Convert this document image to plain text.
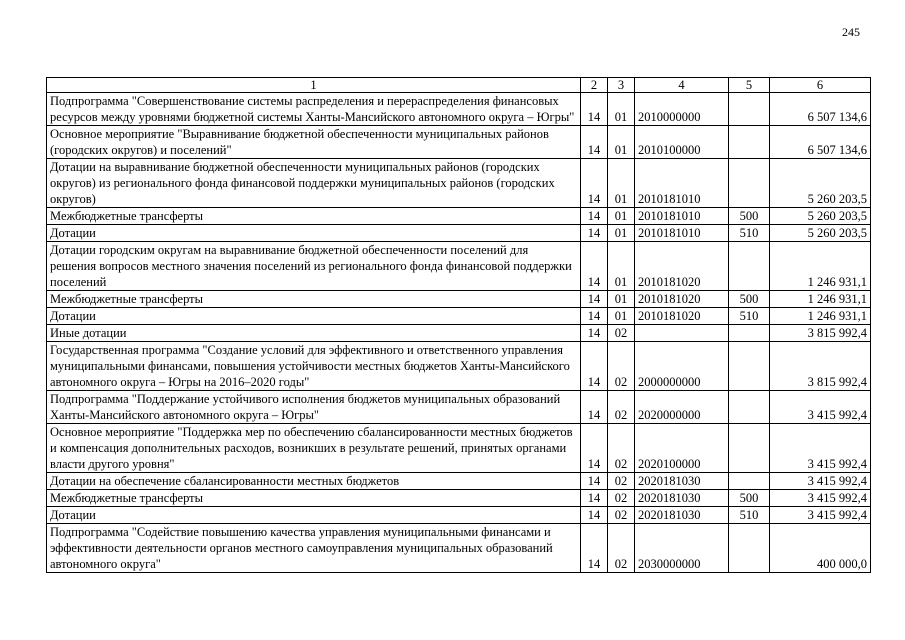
245
1	2	3	4	5	6
Подпрограмма "Совершенствование системы распределения и перераспределения финансовых ресурсов между уровнями бюджетной системы Ханты-Мансийского автономного округа – Югры"	14	01	2010000000		6 507 134,6
Основное мероприятие "Выравнивание бюджетной обеспеченности муниципальных районов (городских округов) и поселений"	14	01	2010100000		6 507 134,6
Дотации на выравнивание бюджетной обеспеченности муниципальных районов (городских округов) из регионального фонда финансовой поддержки муниципальных районов (городских округов)	14	01	2010181010		5 260 203,5
Межбюджетные трансферты	14	01	2010181010	500	5 260 203,5
Дотации	14	01	2010181010	510	5 260 203,5
Дотации городским округам на выравнивание бюджетной обеспеченности поселений для решения вопросов местного значения поселений из регионального фонда финансовой поддержки поселений	14	01	2010181020		1 246 931,1
Межбюджетные трансферты	14	01	2010181020	500	1 246 931,1
Дотации	14	01	2010181020	510	1 246 931,1
Иные дотации	14	02			3 815 992,4
Государственная программа "Создание условий для эффективного и ответственного управления муниципальными финансами, повышения устойчивости местных бюджетов Ханты-Мансийского автономного округа – Югры на 2016–2020 годы"	14	02	2000000000		3 815 992,4
Подпрограмма "Поддержание устойчивого исполнения бюджетов муниципальных образований Ханты-Мансийского автономного округа – Югры"	14	02	2020000000		3 415 992,4
Основное мероприятие "Поддержка мер по обеспечению сбалансированности местных бюджетов и компенсация дополнительных расходов, возникших в результате решений, принятых органами власти другого уровня"	14	02	2020100000		3 415 992,4
Дотации на обеспечение сбалансированности местных бюджетов	14	02	2020181030		3 415 992,4
Межбюджетные трансферты	14	02	2020181030	500	3 415 992,4
Дотации	14	02	2020181030	510	3 415 992,4
Подпрограмма "Содействие повышению качества управления муниципальными финансами и эффективности деятельности органов местного самоуправления муниципальных образований автономного округа"	14	02	2030000000		400 000,0
